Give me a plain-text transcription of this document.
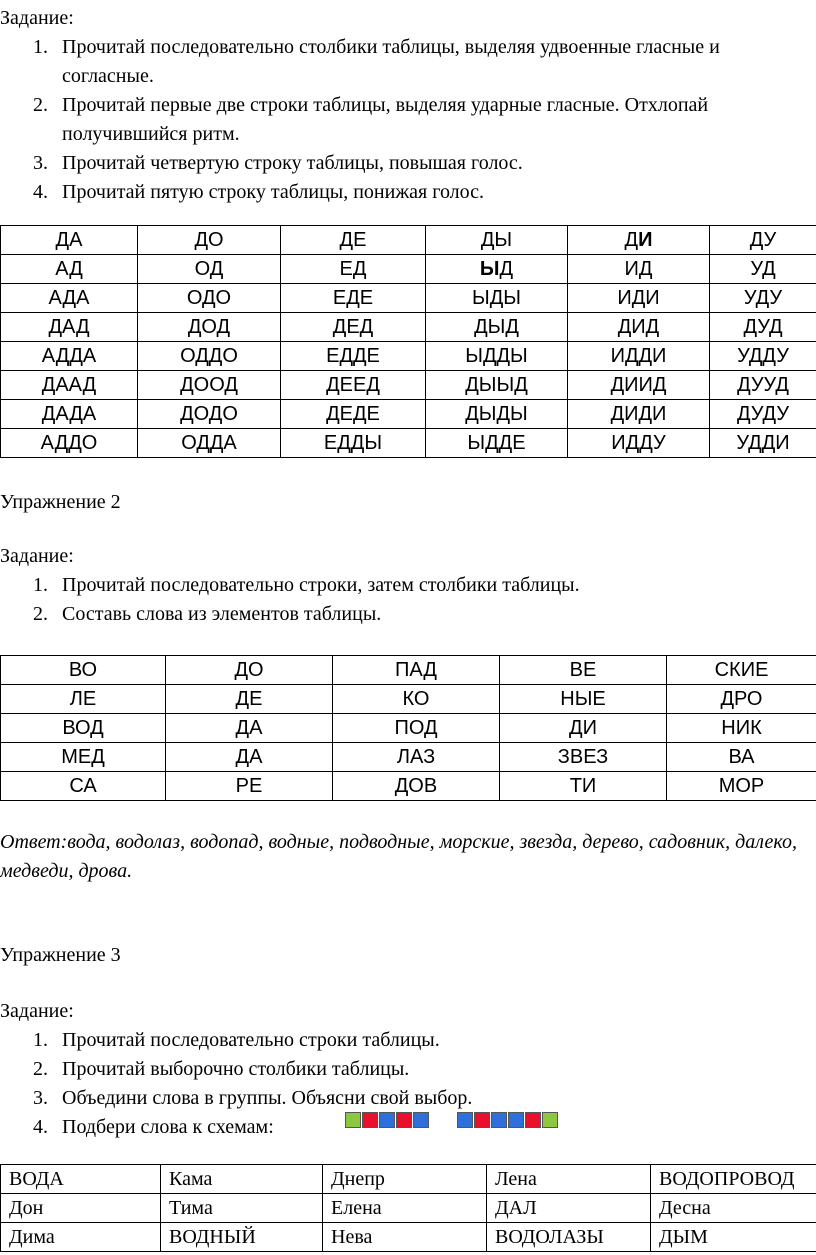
Задание:
1. Прочитай последовательно столбики таблицы, выделяя удвоенные гласные и согласные.
2. Прочитай первые две строки таблицы, выделяя ударные гласные. Отхлопай получившийся ритм.
3. Прочитай четвертую строку таблицы, повышая голос.
4. Прочитай пятую строку таблицы, понижая голос.
ДА	ДО	ДЕ	ДЫ	ДИ	ДУ
АД	ОД	ЕД	ЫД	ИД	УД
АДА	ОДО	ЕДЕ	ЫДЫ	ИДИ	УДУ
ДАД	ДОД	ДЕД	ДЫД	ДИД	ДУД
АДДА	ОДДО	ЕДДЕ	ЫДДЫ	ИДДИ	УДДУ
ДААД	ДООД	ДЕЕД	ДЫЫД	ДИИД	ДУУД
ДАДА	ДОДО	ДЕДЕ	ДЫДЫ	ДИДИ	ДУДУ
АДДО	ОДДА	ЕДДЫ	ЫДДЕ	ИДДУ	УДДИ
Упражнение 2
Задание:
1. Прочитай последовательно строки, затем столбики таблицы.
2. Составь слова из элементов таблицы.
ВО	ДО	ПАД	ВЕ	СКИЕ
ЛЕ	ДЕ	КО	НЫЕ	ДРО
ВОД	ДА	ПОД	ДИ	НИК
МЕД	ДА	ЛАЗ	ЗВЕЗ	ВА
СА	РЕ	ДОВ	ТИ	МОР
Ответ:вода, водолаз, водопад, водные, подводные, морские, звезда, дерево, садовник, далеко, медведи, дрова.
Упражнение 3
Задание:
1. Прочитай последовательно строки таблицы.
2. Прочитай выборочно столбики таблицы.
3. Объедини слова в группы. Объясни свой выбор.
4. Подбери слова к схемам:
ВОДА	Кама	Днепр	Лена	ВОДОПРОВОД
Дон	Тима	Елена	ДАЛ	Десна
Дима	ВОДНЫЙ	Нева	ВОДОЛАЗЫ	ДЫМ
